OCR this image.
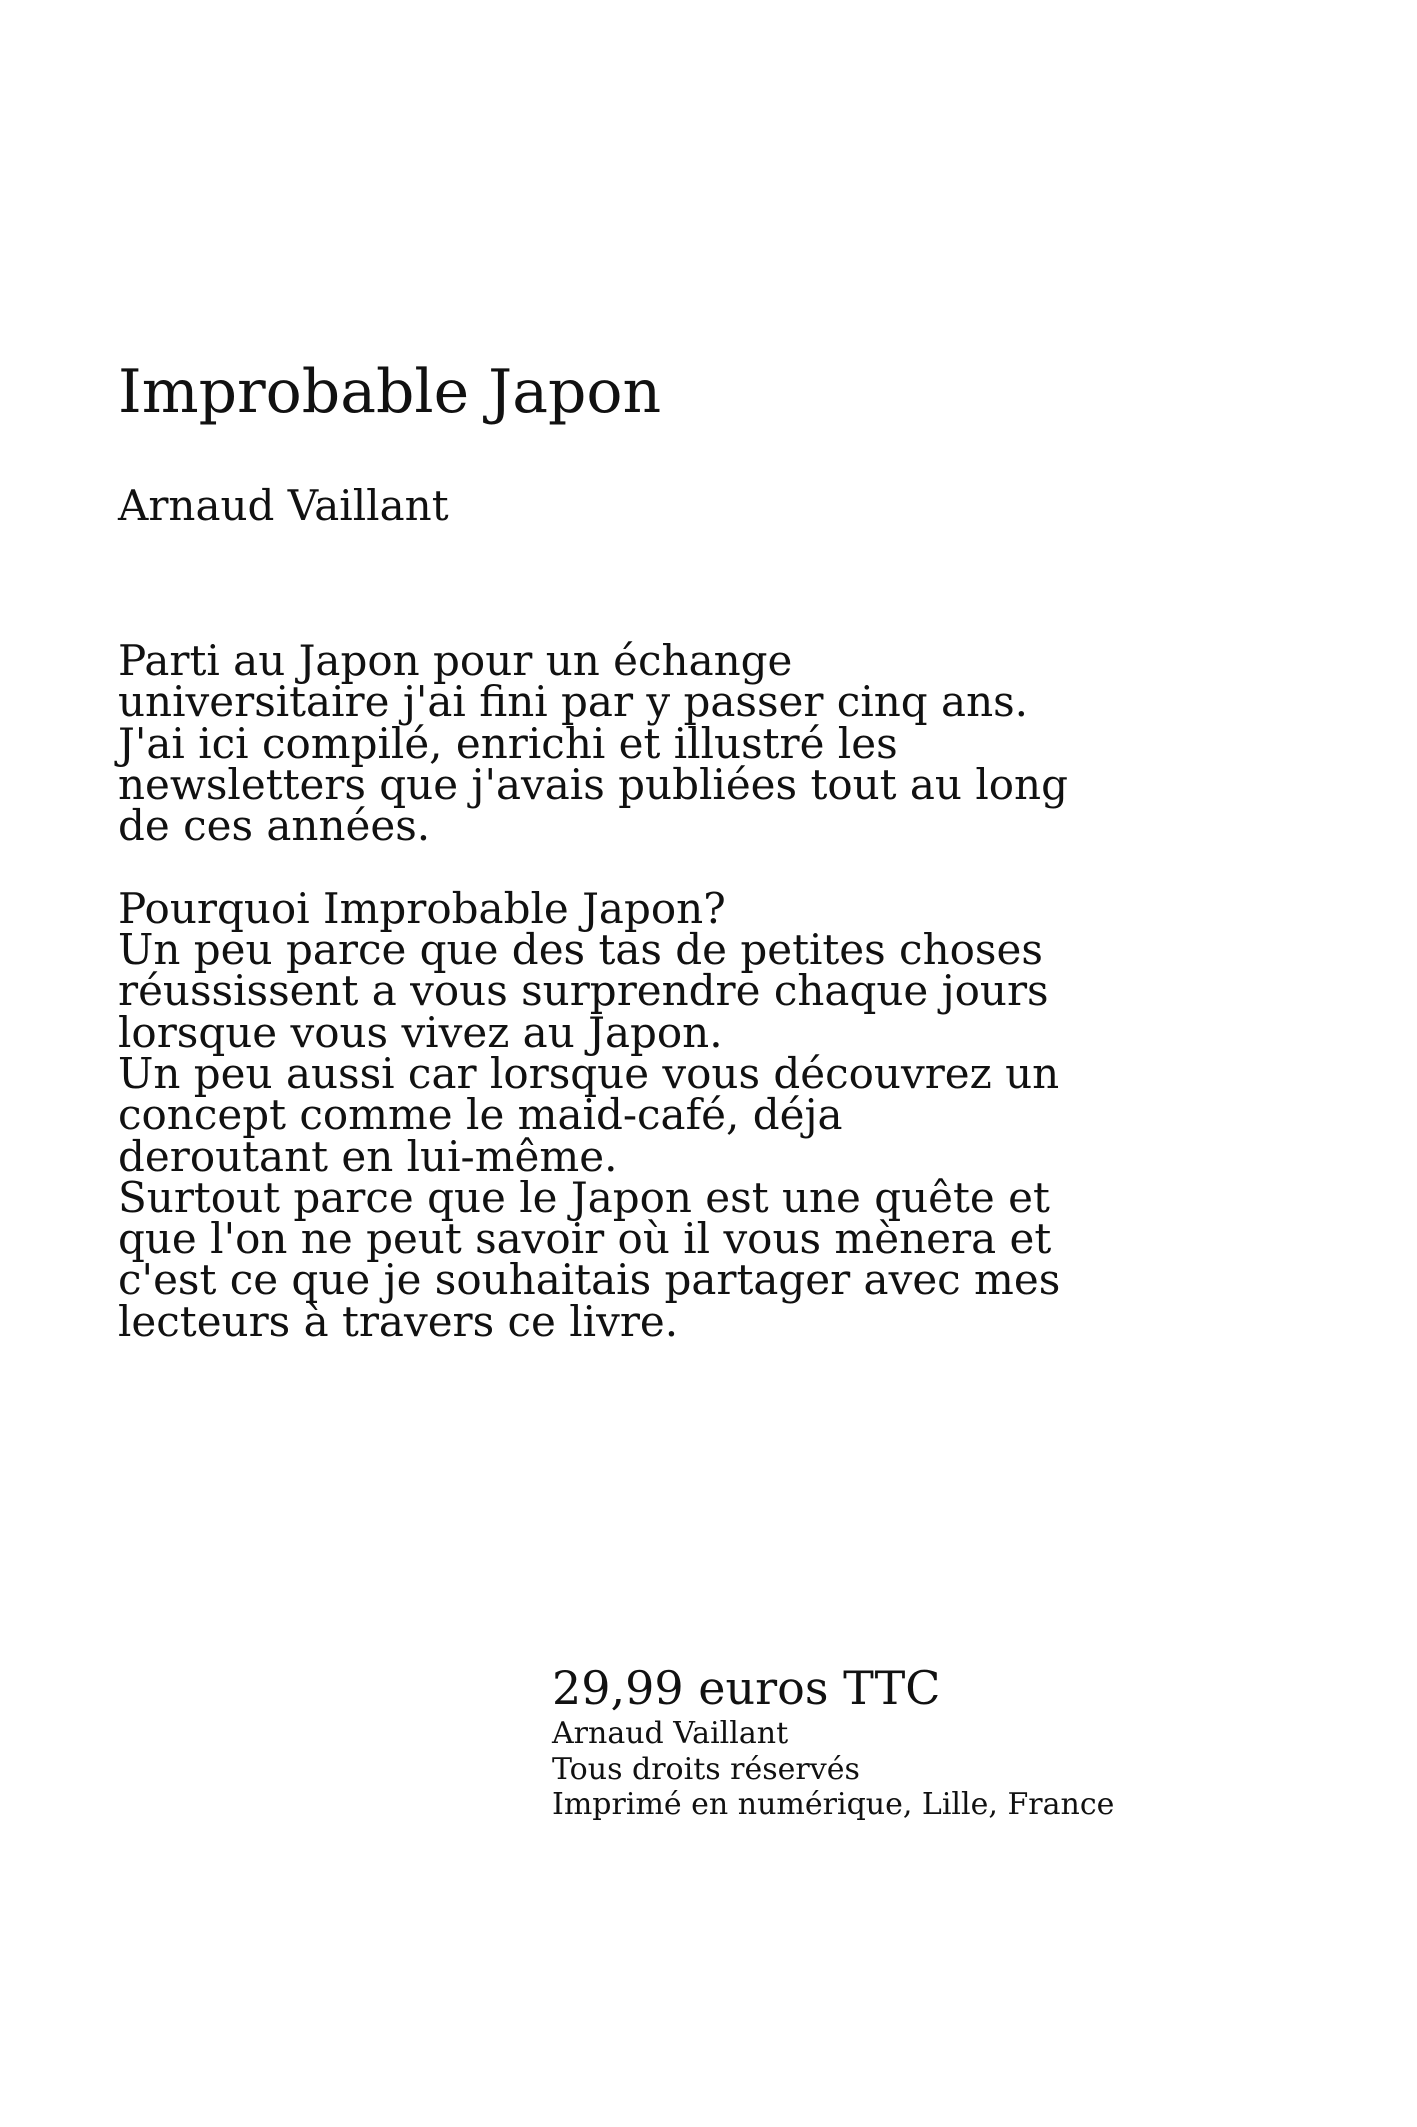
Improbable Japon

Arnaud Vaillant

Parti au Japon pour un échange
universitaire j'ai fini par y passer cinq ans.
J'ai ici compilé, enrichi et illustré les
newsletters que j'avais publiées tout au long
de ces années.
Pourquoi Improbable Japon?
Un peu parce que des tas de petites choses
réussissent a vous surprendre chaque jours
lorsque vous vivez au Japon.
Un peu aussi car lorsque vous découvrez un
concept comme le maid-café, déja
deroutant en lui-même.
Surtout parce que le Japon est une quête et
que l'on ne peut savoir où il vous mènera et
c'est ce que je souhaitais partager avec mes
lecteurs à travers ce livre.

29,99 euros TTC

Arnaud Vaillant

Tous droits réservés

Imprimé en numérique, Lille, France
